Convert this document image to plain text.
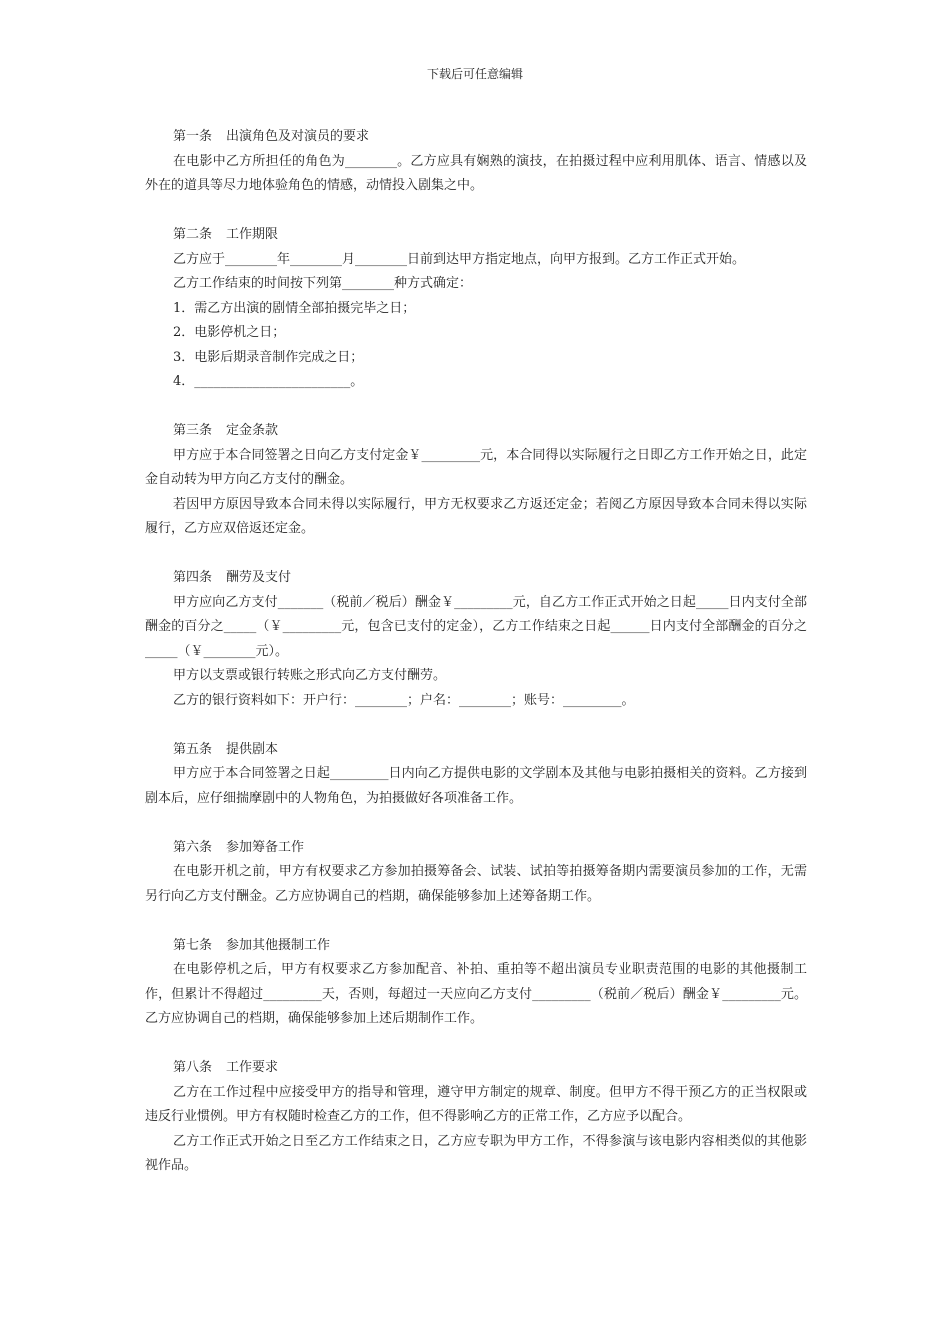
下载后可任意编辑
第一条 出演角色及对演员的要求
在电影中乙方所担任的角色为________。乙方应具有娴熟的演技，在拍摄过程中应利用肌体、语言、情感以及外在的道具等尽力地体验角色的情感，动情投入剧集之中。
第二条 工作期限
乙方应于________年________月________日前到达甲方指定地点，向甲方报到。乙方工作正式开始。
乙方工作结束的时间按下列第________种方式确定：
1．需乙方出演的剧情全部拍摄完毕之日；
2．电影停机之日；
3．电影后期录音制作完成之日；
4．________________________。
第三条 定金条款
甲方应于本合同签署之日向乙方支付定金￥_________元，本合同得以实际履行之日即乙方工作开始之日，此定金自动转为甲方向乙方支付的酬金。
若因甲方原因导致本合同未得以实际履行，甲方无权要求乙方返还定金；若阅乙方原因导致本合同未得以实际履行，乙方应双倍返还定金。
第四条 酬劳及支付
甲方应向乙方支付_______（税前／税后）酬金￥_________元，自乙方工作正式开始之日起_____日内支付全部酬金的百分之_____（￥_________元，包含已支付的定金），乙方工作结束之日起______日内支付全部酬金的百分之_____（￥________元）。
甲方以支票或银行转账之形式向乙方支付酬劳。
乙方的银行资料如下：开户行：________；户名：________；账号：_________。
第五条 提供剧本
甲方应于本合同签署之日起_________日内向乙方提供电影的文学剧本及其他与电影拍摄相关的资料。乙方接到剧本后，应仔细揣摩剧中的人物角色，为拍摄做好各项准备工作。
第六条 参加筹备工作
在电影开机之前，甲方有权要求乙方参加拍摄筹备会、试装、试拍等拍摄筹备期内需要演员参加的工作，无需另行向乙方支付酬金。乙方应协调自己的档期，确保能够参加上述筹备期工作。
第七条 参加其他摄制工作
在电影停机之后，甲方有权要求乙方参加配音、补拍、重拍等不超出演员专业职责范围的电影的其他摄制工作，但累计不得超过_________天，否则，每超过一天应向乙方支付_________（税前／税后）酬金￥_________元。乙方应协调自己的档期，确保能够参加上述后期制作工作。
第八条 工作要求
乙方在工作过程中应接受甲方的指导和管理，遵守甲方制定的规章、制度。但甲方不得干预乙方的正当权限或违反行业惯例。甲方有权随时检查乙方的工作，但不得影响乙方的正常工作，乙方应予以配合。
乙方工作正式开始之日至乙方工作结束之日，乙方应专职为甲方工作，不得参演与该电影内容相类似的其他影视作品。
